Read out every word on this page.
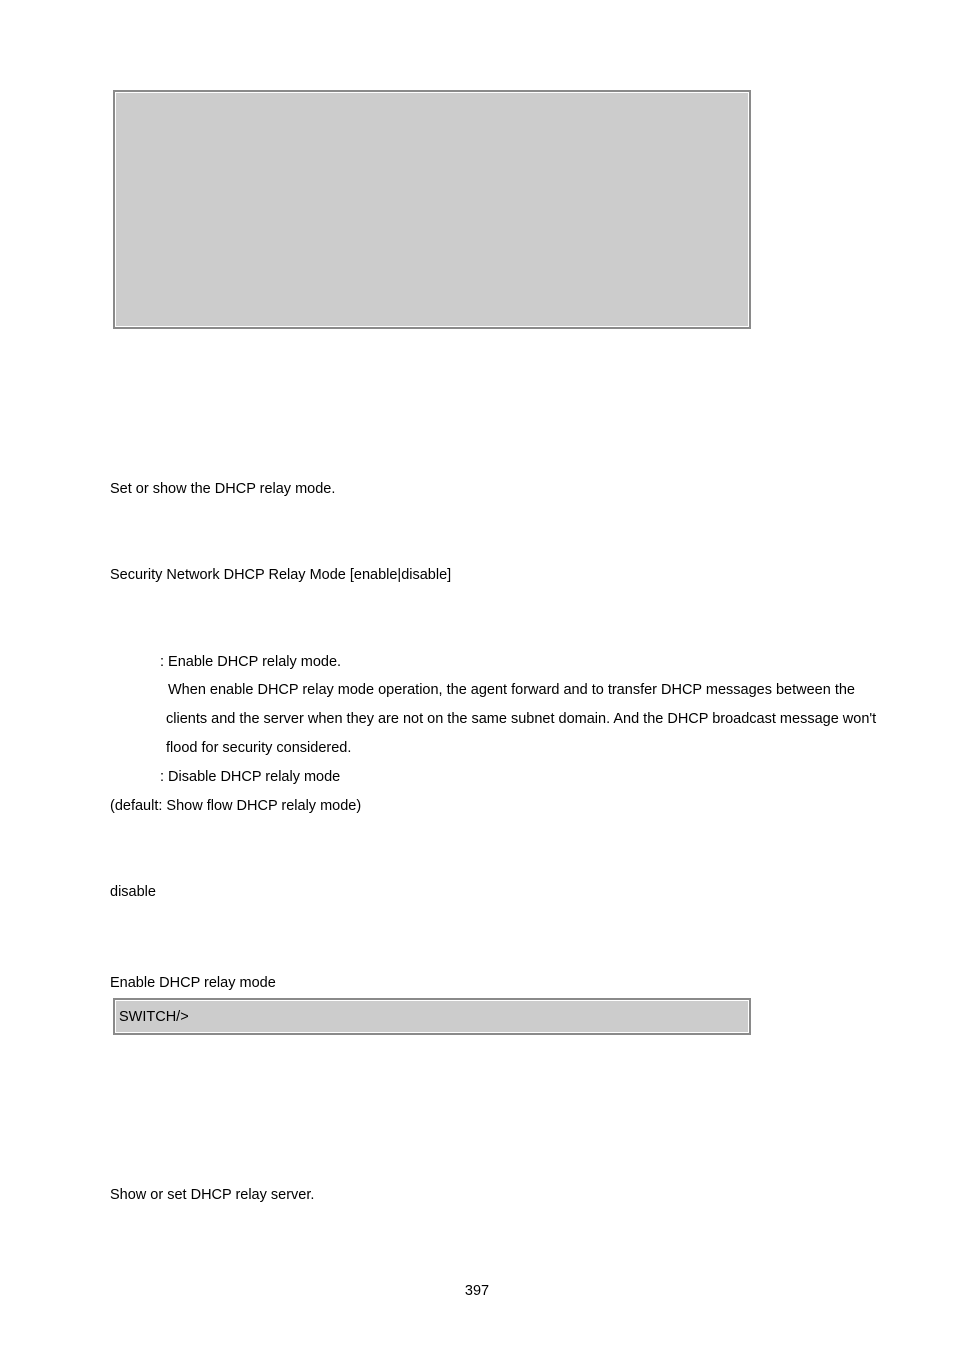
Set or show the DHCP relay mode.
Security Network DHCP Relay Mode [enable|disable]
: Enable DHCP relaly mode.
When enable DHCP relay mode operation, the agent forward and to transfer DHCP messages between the
clients and the server when they are not on the same subnet domain. And the DHCP broadcast message won't
flood for security considered.
: Disable DHCP relaly mode
(default: Show flow DHCP relaly mode)
disable
Enable DHCP relay mode
SWITCH/>
Show or set DHCP relay server.
397
